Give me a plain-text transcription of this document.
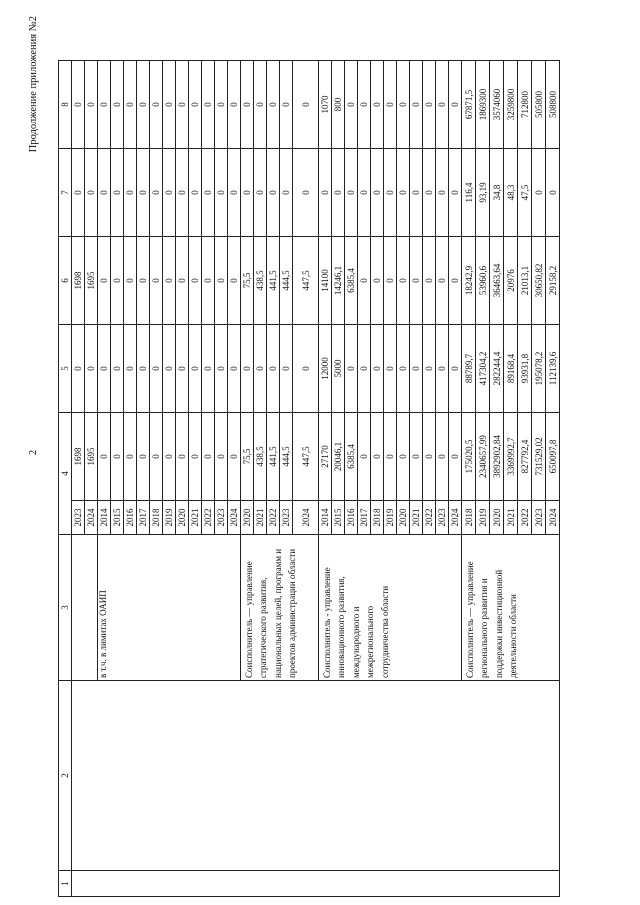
2
Продолжение приложения №2
1	2	3	4		5	6	7	8
			2023	1698	0	1698	0	0
			2024	1695	0	1695	0	0
		в т.ч. в лимитах ОАИП	2014	0	0	0	0	0
			2015	0	0	0	0	0
			2016	0	0	0	0	0
			2017	0	0	0	0	0
			2018	0	0	0	0	0
			2019	0	0	0	0	0
			2020	0	0	0	0	0
			2021	0	0	0	0	0
			2022	0	0	0	0	0
			2023	0	0	0	0	0
			2024	0	0	0	0	0

		Соисполнитель — управление стратегического развития, национальных целей, программ и проектов администрации области	2020	75,5	0	75,5	0	0
			2021	438,5	0	438,5	0	0
			2022	441,5	0	441,5	0	0
			2023	444,5	0	444,5	0	0
			2024	447,5	0	447,5	0	0

		Соисполнитель - управление инновационного развития, международного и межрегионального сотрудничества области	2014	27170	12000	14100	0	1070
			2015	20046,1	5000	14246,1	0	800
			2016	6385,4	0	6385,4	0	0
			2017	0	0	0	0	0
			2018	0	0	0	0	0
			2019	0	0	0	0	0
			2020	0	0	0	0	0
			2021	0	0	0	0	0
			2022	0	0	0	0	0
			2023	0	0	0	0	0
			2024	0	0	0	0	0

		Соисполнитель — управление регионального развития и поддержки инвестиционной деятельности области	2018	175020,5	88789,7	18242,9	116,4	67871,5
			2019	2340657,99	417304,2	53960,6	93,19	1869300
			2020	3892902,84	282244,4	36463,64	34,8	3574060
			2021	3369992,7	89168,4	20976	48,3	3259800
			2022	827792,4	93931,8	21013,1	47,5	712800
			2023	731529,02	195078,2	30650,82	0	505800
			2024	650097,8	112139,6	29158,2	0	508800
